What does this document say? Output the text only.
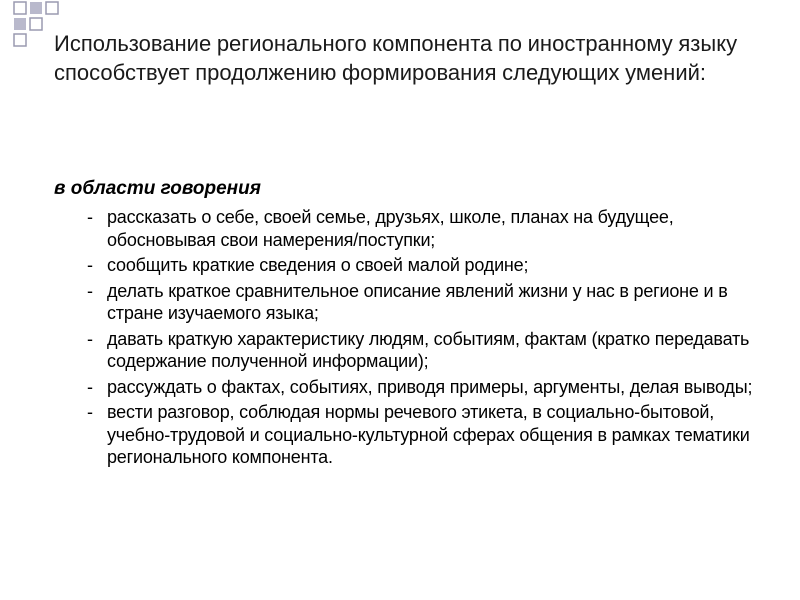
Использование регионального компонента по иностранному языку способствует продолжению формирования следующих умений:
в области говорения
- рассказать о себе, своей семье, друзьях, школе, планах на будущее, обосновывая свои намерения/поступки;
- сообщить краткие сведения о своей малой родине;
- делать краткое сравнительное описание явлений жизни у нас в регионе и в стране изучаемого языка;
- давать краткую характеристику людям, событиям, фактам (кратко передавать содержание полученной информации);
- рассуждать о фактах, событиях, приводя примеры, аргументы, делая выводы;
- вести разговор, соблюдая нормы речевого этикета, в социально-бытовой, учебно-трудовой и социально-культурной сферах общения в рамках тематики регионального компонента.
